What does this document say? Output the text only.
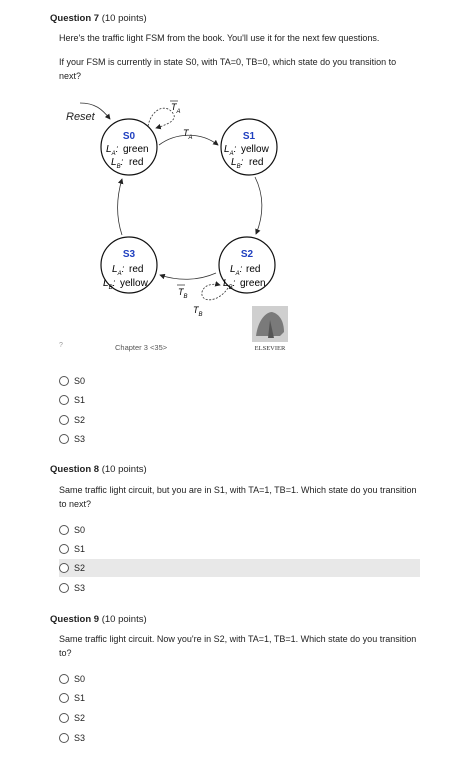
Question 7 (10 points)
Here's the traffic light FSM from the book. You'll use it for the next few questions.
If your FSM is currently in state S0, with TA=0, TB=0, which state do you transition to next?
Reset
S0
$L_A$: green
$L_B$: red
S1
$L_A$: yellow
$L_B$: red
S2
$L_A$: red
$L_B$: green
S3
$L_A$: red
$L_B$: yellow
$T_A$
$T_A$
$T_B$
$T_B$
?	Chapter 3 <35>	ELSEVIER
S0
S1
S2
S3
Question 8 (10 points)
Same traffic light circuit, but you are in S1, with TA=1, TB=1. Which state do you transition to next?
S0
S1
S2
S3
Question 9 (10 points)
Same traffic light circuit. Now you're in S2, with TA=1, TB=1. Which state do you transition to?
S0
S1
S2
S3
